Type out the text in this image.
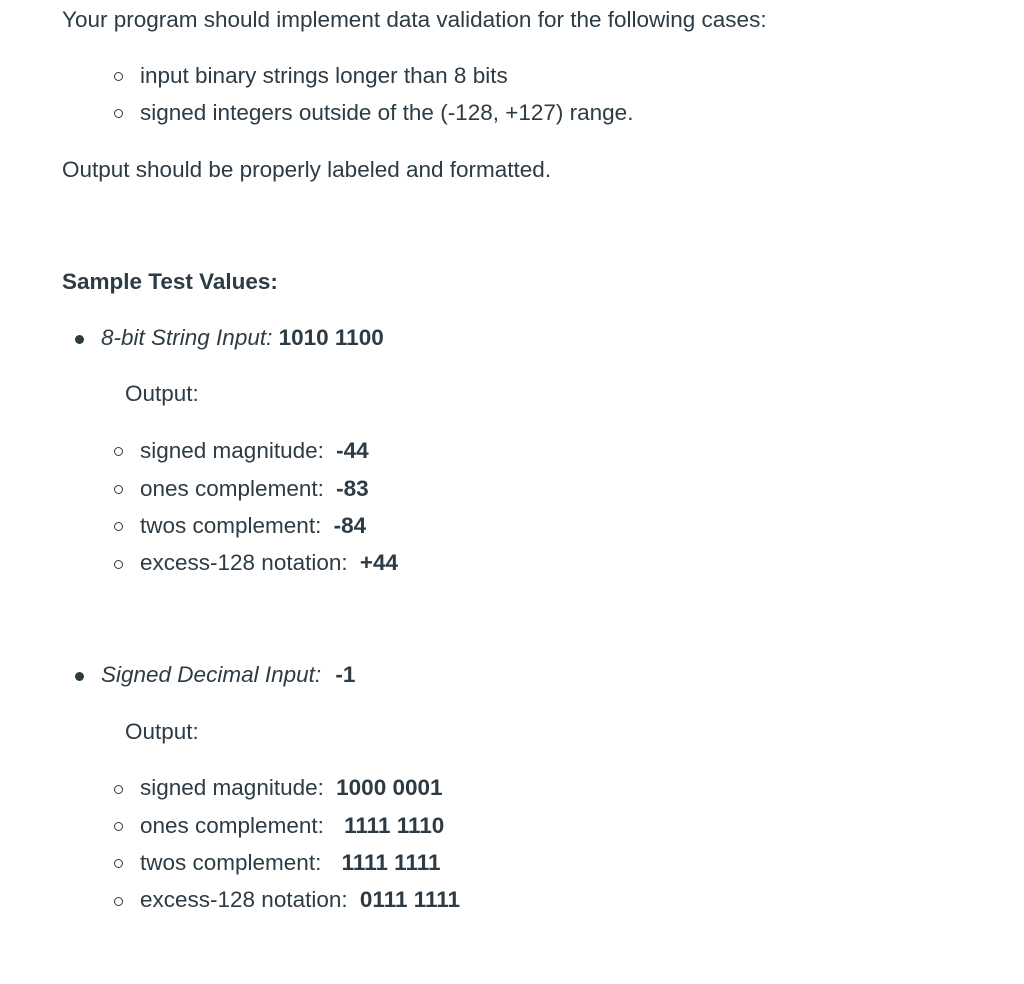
Your program should implement data validation for the following cases:
input binary strings longer than 8 bits
signed integers outside of the (-128, +127) range.
Output should be properly labeled and formatted.
Sample Test Values:
8-bit String Input: 1010 1100
Output:
signed magnitude: -44
ones complement: -83
twos complement: -84
excess-128 notation: +44
Signed Decimal Input: -1
Output:
signed magnitude: 1000 0001
ones complement: 1111 1110
twos complement: 1111 1111
excess-128 notation: 0111 1111
